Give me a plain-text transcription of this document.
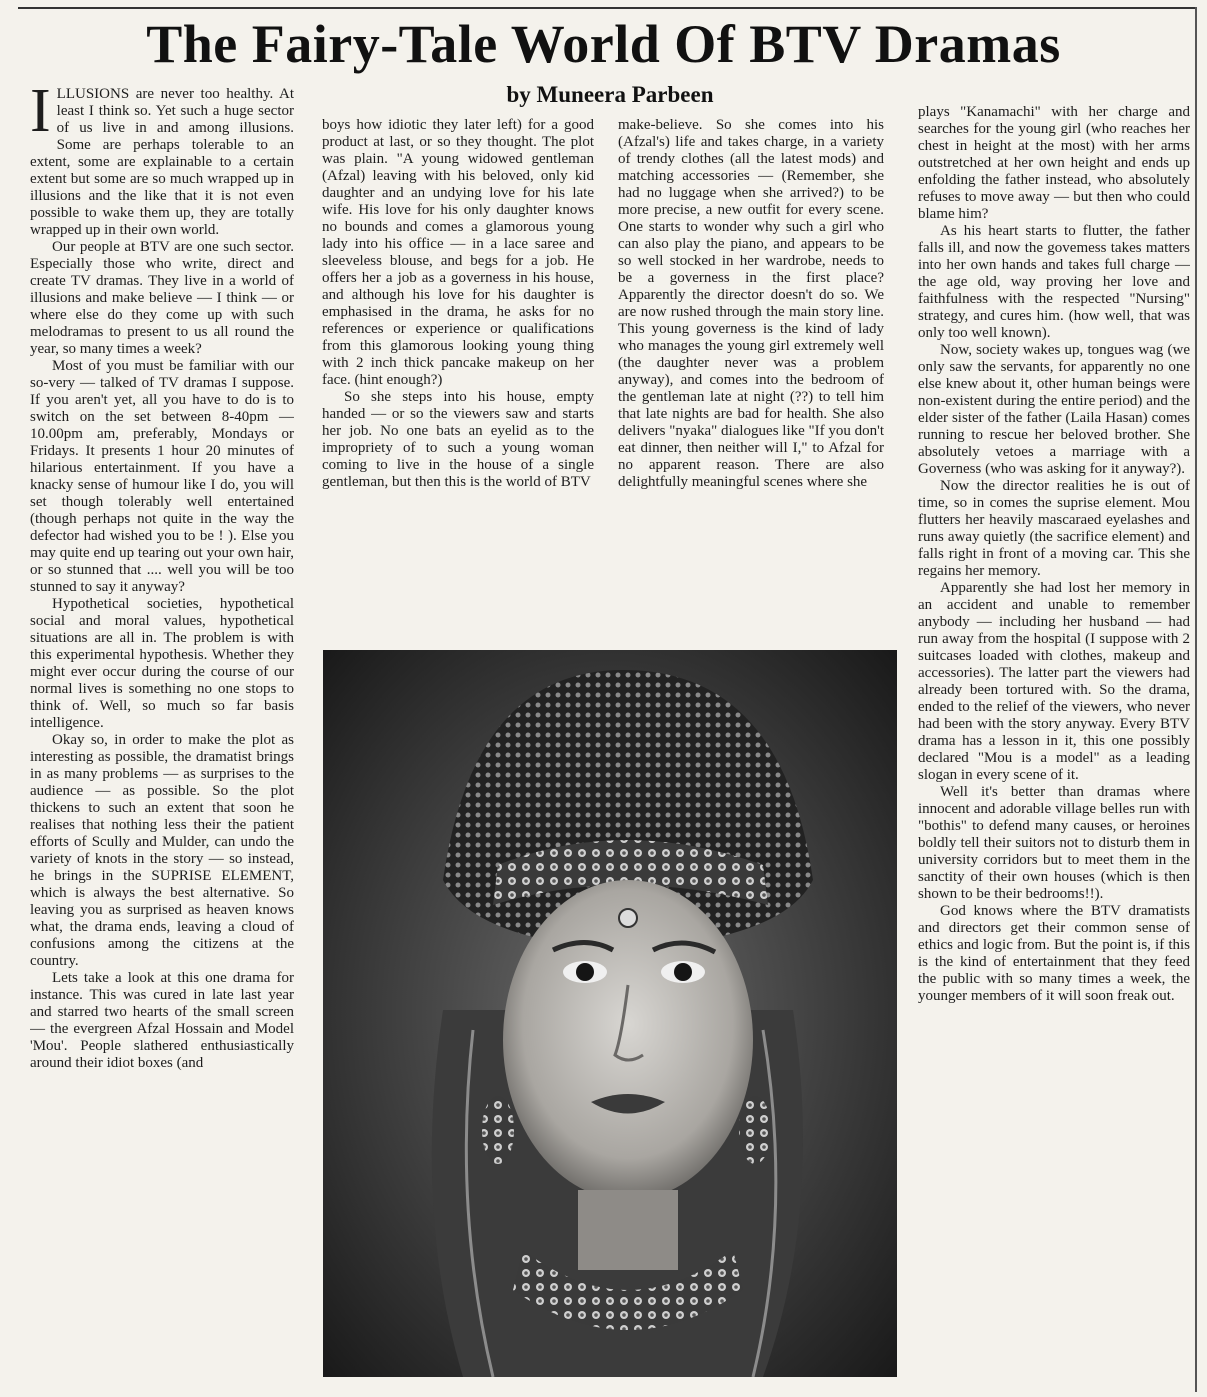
The Fairy-Tale World Of BTV Dramas
by Muneera Parbeen

ILLUSIONS are never too healthy. At least I think so. Yet such a huge sector of us live in and among illusions. Some are perhaps tolerable to an extent, some are explainable to a certain extent but some are so much wrapped up in illusions and the like that it is not even possible to wake them up, they are totally wrapped up in their own world.

Our people at BTV are one such sector. Especially those who write, direct and create TV dramas. They live in a world of illusions and make believe — I think — or where else do they come up with such melodramas to present to us all round the year, so many times a week?

Most of you must be familiar with our so-very — talked of TV dramas I suppose. If you aren't yet, all you have to do is to switch on the set between 8-40pm — 10.00pm am, preferably, Mondays or Fridays. It presents 1 hour 20 minutes of hilarious entertainment. If you have a knacky sense of humour like I do, you will set though tolerably well entertained (though perhaps not quite in the way the defector had wished you to be ! ). Else you may quite end up tearing out your own hair, or so stunned that .... well you will be too stunned to say it anyway?

Hypothetical societies, hypothetical social and moral values, hypothetical situations are all in. The problem is with this experimental hypothesis. Whether they might ever occur during the course of our normal lives is something no one stops to think of. Well, so much so far basis intelligence.

Okay so, in order to make the plot as interesting as possible, the dramatist brings in as many problems — as surprises to the audience — as possible. So the plot thickens to such an extent that soon he realises that nothing less their the patient efforts of Scully and Mulder, can undo the variety of knots in the story — so instead, he brings in the SUPRISE ELEMENT, which is always the best alternative. So leaving you as surprised as heaven knows what, the drama ends, leaving a cloud of confusions among the citizens at the country.

Lets take a look at this one drama for instance. This was cured in late last year and starred two hearts of the small screen — the evergreen Afzal Hossain and Model 'Mou'. People slathered enthusiastically around their idiot boxes (and

boys how idiotic they later left) for a good product at last, or so they thought. The plot was plain. "A young widowed gentleman (Afzal) leaving with his beloved, only kid daughter and an undying love for his late wife. His love for his only daughter knows no bounds and comes a glamorous young lady into his office — in a lace saree and sleeveless blouse, and begs for a job. He offers her a job as a governess in his house, and although his love for his daughter is emphasised in the drama, he asks for no references or experience or qualifications from this glamorous looking young thing with 2 inch thick pancake makeup on her face. (hint enough?)

So she steps into his house, empty handed — or so the viewers saw and starts her job. No one bats an eyelid as to the impropriety of to such a young woman coming to live in the house of a single gentleman, but then this is the world of BTV

make-believe. So she comes into his (Afzal's) life and takes charge, in a variety of trendy clothes (all the latest mods) and matching accessories — (Remember, she had no luggage when she arrived?) to be more precise, a new outfit for every scene. One starts to wonder why such a girl who can also play the piano, and appears to be so well stocked in her wardrobe, needs to be a governess in the first place? Apparently the director doesn't do so. We are now rushed through the main story line. This young governess is the kind of lady who manages the young girl extremely well (the daughter never was a problem anyway), and comes into the bedroom of the gentleman late at night (??) to tell him that late nights are bad for health. She also delivers "nyaka" dialogues like "If you don't eat dinner, then neither will I," to Afzal for no apparent reason. There are also delightfully meaningful scenes where she

plays "Kanamachi" with her charge and searches for the young girl (who reaches her chest in height at the most) with her arms outstretched at her own height and ends up enfolding the father instead, who absolutely refuses to move away — but then who could blame him?

As his heart starts to flutter, the father falls ill, and now the govemess takes matters into her own hands and takes full charge — the age old, way proving her love and faithfulness with the respected "Nursing" strategy, and cures him. (how well, that was only too well known).

Now, society wakes up, tongues wag (we only saw the servants, for apparently no one else knew about it, other human beings were non-existent during the entire period) and the elder sister of the father (Laila Hasan) comes running to rescue her beloved brother. She absolutely vetoes a marriage with a Governess (who was asking for it anyway?).

Now the director realities he is out of time, so in comes the suprise element. Mou flutters her heavily mascaraed eyelashes and runs away quietly (the sacrifice element) and falls right in front of a moving car. This she regains her memory.

Apparently she had lost her memory in an accident and unable to remember anybody — including her husband — had run away from the hospital (I suppose with 2 suitcases loaded with clothes, makeup and accessories). The latter part the viewers had already been tortured with. So the drama, ended to the relief of the viewers, who never had been with the story anyway. Every BTV drama has a lesson in it, this one possibly declared "Mou is a model" as a leading slogan in every scene of it.

Well it's better than dramas where innocent and adorable village belles run with "bothis" to defend many causes, or heroines boldly tell their suitors not to disturb them in university corridors but to meet them in the sanctity of their own houses (which is then shown to be their bedrooms!!).

God knows where the BTV dramatists and directors get their common sense of ethics and logic from. But the point is, if this is the kind of entertainment that they feed the public with so many times a week, the younger members of it will soon freak out.
